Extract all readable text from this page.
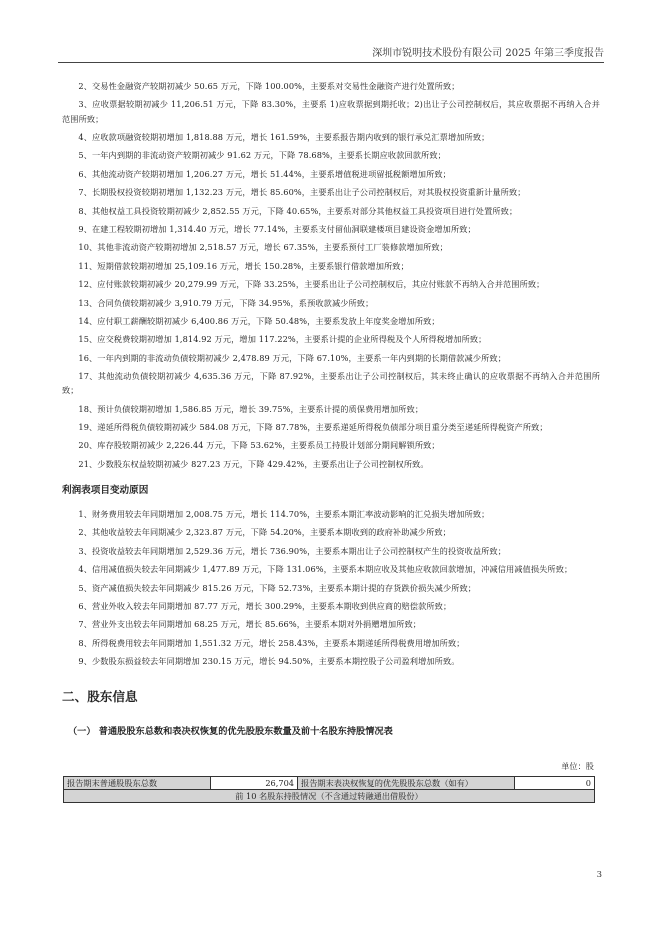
深圳市锐明技术股份有限公司 2025 年第三季度报告

2、交易性金融资产较期初减少 50.65 万元，下降 100.00%，主要系对交易性金融资产进行处置所致；

3、应收票据较期初减少 11,206.51 万元，下降 83.30%，主要系 1)应收票据到期托收；2)出让子公司控制权后，其应收票据不再纳入合并范围所致；

4、应收款项融资较期初增加 1,818.88 万元，增长 161.59%，主要系报告期内收到的银行承兑汇票增加所致；

5、一年内到期的非流动资产较期初减少 91.62 万元，下降 78.68%，主要系长期应收款回款所致；

6、其他流动资产较期初增加 1,206.27 万元，增长 51.44%，主要系增值税进项留抵税额增加所致；

7、长期股权投资较期初增加 1,132.23 万元，增长 85.60%，主要系出让子公司控制权后，对其股权投资重新计量所致；

8、其他权益工具投资较期初减少 2,852.55 万元，下降 40.65%，主要系对部分其他权益工具投资项目进行处置所致；

9、在建工程较期初增加 1,314.40 万元，增长 77.14%，主要系支付留仙洞联建楼项目建设资金增加所致；

10、其他非流动资产较期初增加 2,518.57 万元，增长 67.35%，主要系预付工厂装修款增加所致；

11、短期借款较期初增加 25,109.16 万元，增长 150.28%，主要系银行借款增加所致；

12、应付账款较期初减少 20,279.99 万元，下降 33.25%，主要系出让子公司控制权后，其应付账款不再纳入合并范围所致；

13、合同负债较期初减少 3,910.79 万元，下降 34.95%，系预收款减少所致；

14、应付职工薪酬较期初减少 6,400.86 万元，下降 50.48%，主要系发放上年度奖金增加所致；

15、应交税费较期初增加 1,814.92 万元，增加 117.22%，主要系计提的企业所得税及个人所得税增加所致；

16、一年内到期的非流动负债较期初减少 2,478.89 万元，下降 67.10%，主要系一年内到期的长期借款减少所致；

17、其他流动负债较期初减少 4,635.36 万元，下降 87.92%，主要系出让子公司控制权后，其未终止确认的应收票据不再纳入合并范围所致；

18、预计负债较期初增加 1,586.85 万元，增长 39.75%，主要系计提的质保费用增加所致；

19、递延所得税负债较期初减少 584.08 万元，下降 87.78%，主要系递延所得税负债部分项目重分类至递延所得税资产所致；

20、库存股较期初减少 2,226.44 万元，下降 53.62%，主要系员工持股计划部分期间解锁所致；

21、少数股东权益较期初减少 827.23 万元，下降 429.42%，主要系出让子公司控制权所致。

利润表项目变动原因

1、财务费用较去年同期增加 2,008.75 万元，增长 114.70%，主要系本期汇率波动影响的汇兑损失增加所致；

2、其他收益较去年同期减少 2,323.87 万元，下降 54.20%，主要系本期收到的政府补助减少所致；

3、投资收益较去年同期增加 2,529.36 万元，增长 736.90%，主要系本期出让子公司控制权产生的投资收益所致；

4、信用减值损失较去年同期减少 1,477.89 万元，下降 131.06%，主要系本期应收及其他应收款回款增加，冲减信用减值损失所致；

5、资产减值损失较去年同期减少 815.26 万元，下降 52.73%，主要系本期计提的存货跌价损失减少所致；

6、营业外收入较去年同期增加 87.77 万元，增长 300.29%，主要系本期收到供应商的赔偿款所致；

7、营业外支出较去年同期增加 68.25 万元，增长 85.66%，主要系本期对外捐赠增加所致；

8、所得税费用较去年同期增加 1,551.32 万元，增长 258.43%，主要系本期递延所得税费用增加所致；

9、少数股东损益较去年同期增加 230.15 万元，增长 94.50%，主要系本期控股子公司盈利增加所致。

二、股东信息
（一） 普通股股东总数和表决权恢复的优先股股东数量及前十名股东持股情况表
单位：股
报告期末普通股股东总数	26,704	报告期末表决权恢复的优先股股东总数（如有）	0
前 10 名股东持股情况（不含通过转融通出借股份）
3
